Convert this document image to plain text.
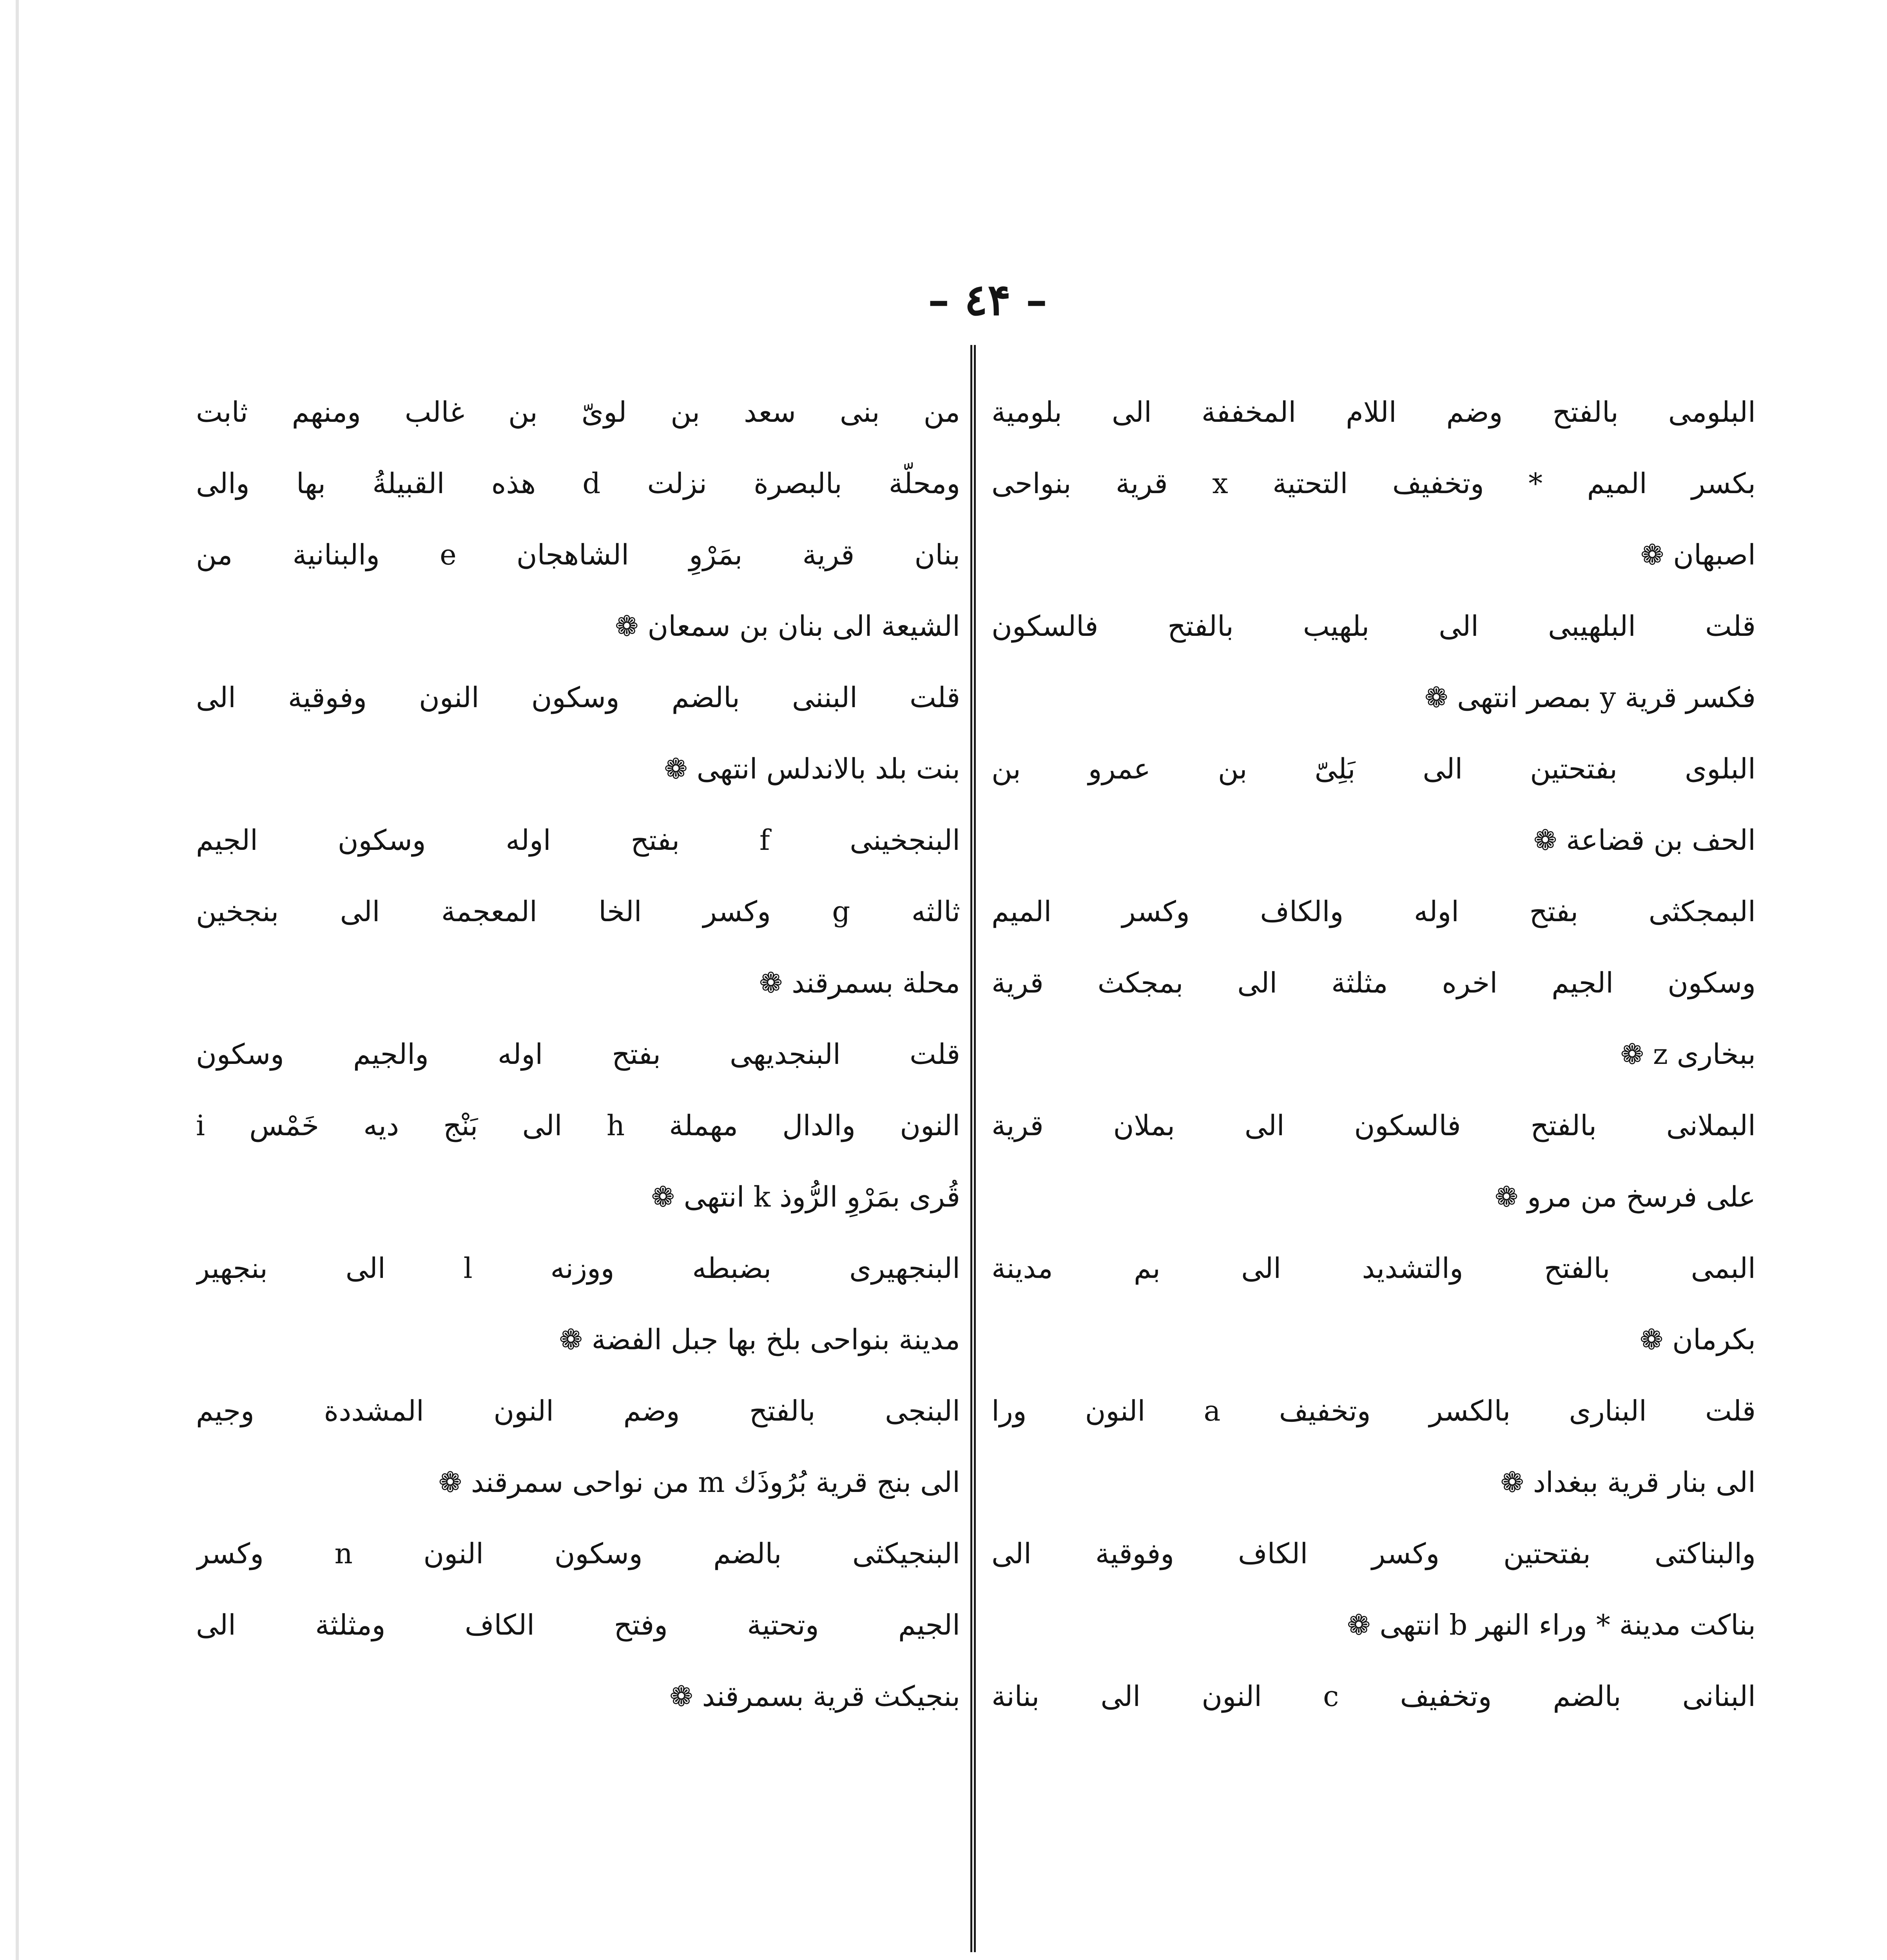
– ٤۴ –
البلومى بالفتح وضم اللام المخففة الى بلومية
بكسر الميم * وتخفيف التحتية x قرية بنواحى
اصبهان ❁
قلت البلهيبى الى بلهيب بالفتح فالسكون
فكسر قرية y بمصر انتهى ❁
البلوى بفتحتين الى بَلِىّ بن عمرو بن
الحف بن قضاعة ❁
البمجكثى بفتح اوله والكاف وكسر الميم
وسكون الجيم اخره مثلثة الى بمجكث قرية
ببخارى z ❁
البملانى بالفتح فالسكون الى بملان قرية
على فرسخ من مرو ❁
البمى بالفتح والتشديد الى بم مدينة
بكرمان ❁
قلت البنارى بالكسر وتخفيف a النون ورا
الى بنار قرية ببغداد ❁
والبناكتى بفتحتين وكسر الكاف وفوقية الى
بناكت مدينة * وراء النهر b انتهى ❁
البنانى بالضم وتخفيف c النون الى بنانة
من بنى سعد بن لوىّ بن غالب ومنهم ثابت
ومحلّة بالبصرة نزلت d هذه القبيلةُ بها والى
بنان قرية بمَرْوِ الشاهجان e والبنانية من
الشيعة الى بنان بن سمعان ❁
قلت البننى بالضم وسكون النون وفوقية الى
بنت بلد بالاندلس انتهى ❁
البنجخينى f بفتح اوله وسكون الجيم
ثالثه g وكسر الخا المعجمة الى بنجخين
محلة بسمرقند ❁
قلت البنجديهى بفتح اوله والجيم وسكون
النون والدال مهملة h الى بَنْج ديه خَمْس i
قُرى بمَرْوِ الرُّوذ k انتهى ❁
البنجهيرى بضبطه ووزنه l الى بنجهير
مدينة بنواحى بلخ بها جبل الفضة ❁
البنجى بالفتح وضم النون المشددة وجيم
الى بنج قرية بُرُوذَك m من نواحى سمرقند ❁
البنجيكثى بالضم وسكون النون n وكسر
الجيم وتحتية وفتح الكاف ومثلثة الى
بنجيكث قرية بسمرقند ❁
